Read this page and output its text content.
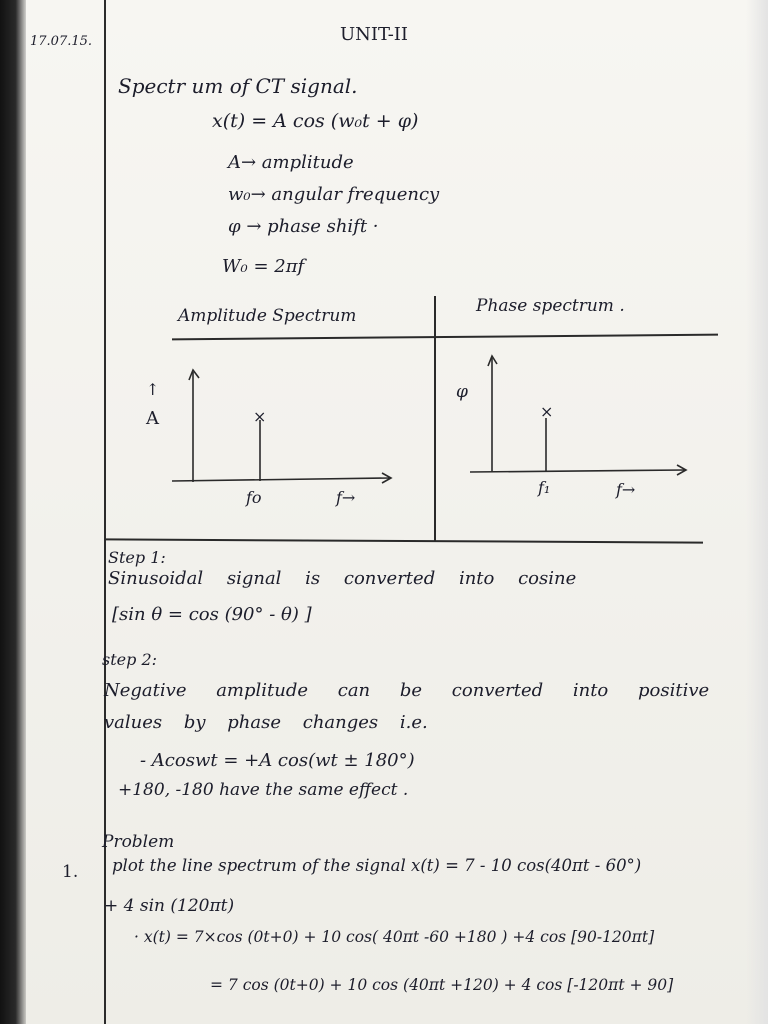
17.07.15.	UNIT-II
Spectr um of CT signal.
x(t) = A cos (w₀t + φ)
A→ amplitude
w₀→ angular frequency
φ → phase shift ·
W₀ = 2πf
Amplitude Spectrum	Phase spectrum .
↑
A	×
fo	f→
φ
×
f₁	f→
Step 1:
Sinusoidal signal is converted into cosine
[sin θ = cos (90° - θ) ]
step 2:
Negative amplitude can be converted into positive
values by phase changes i.e.
- Acoswt = +A cos(wt ± 180°)
+180, -180 have the same effect .
Problem
1. plot the line spectrum of the signal x(t) = 7 - 10 cos(40πt - 60°)
+ 4 sin (120πt)
· x(t) = 7×cos (0t+0) + 10 cos( 40πt -60 +180 ) +4 cos [90-120πt]
= 7 cos (0t+0) + 10 cos (40πt +120) + 4 cos [-120πt + 90]
